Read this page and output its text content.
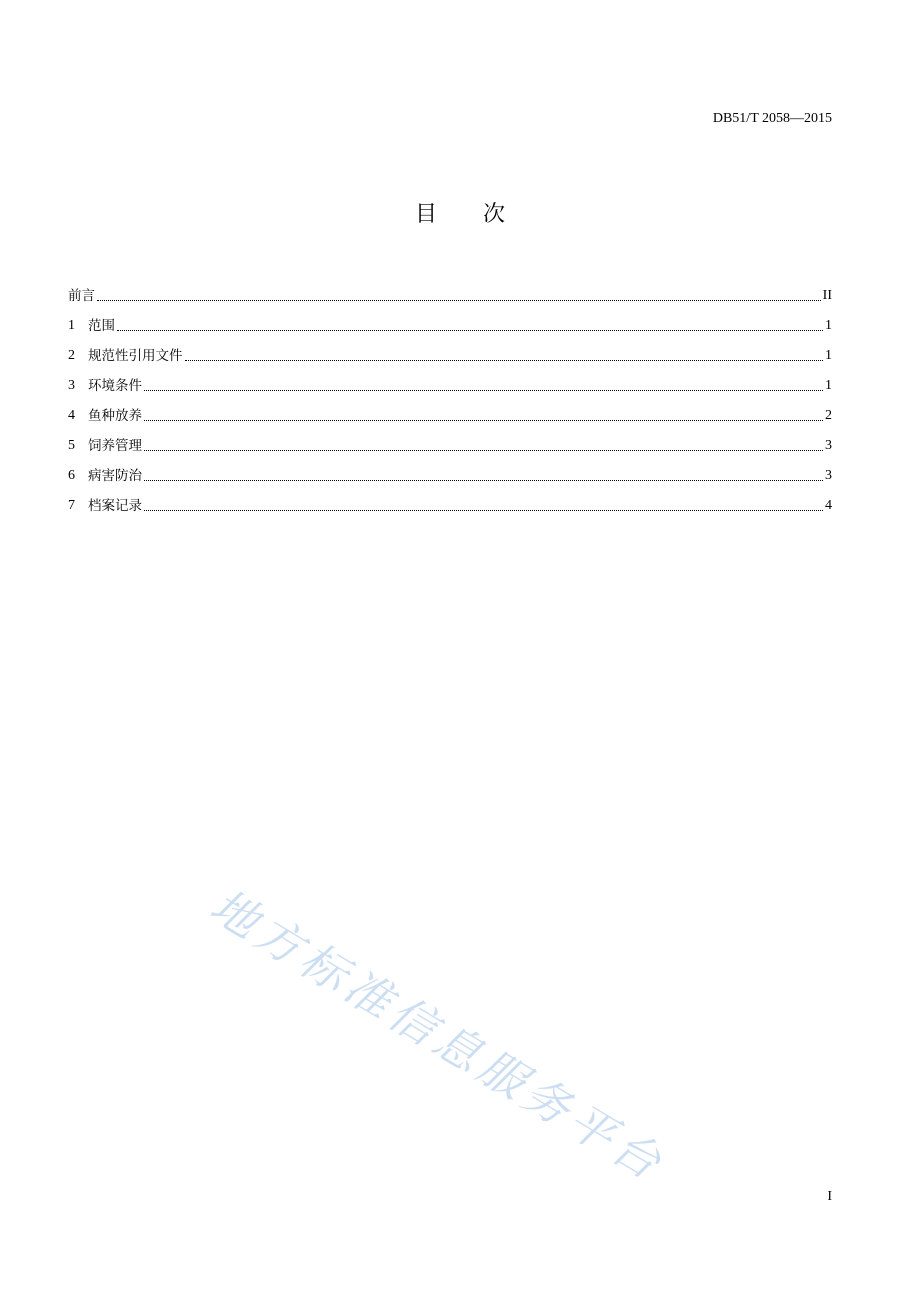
DB51/T 2058—2015
目 次
前言	II
1 范围	1
2 规范性引用文件	1
3 环境条件	1
4 鱼种放养	2
5 饲养管理	3
6 病害防治	3
7 档案记录	4
地方标准信息服务平台
I
